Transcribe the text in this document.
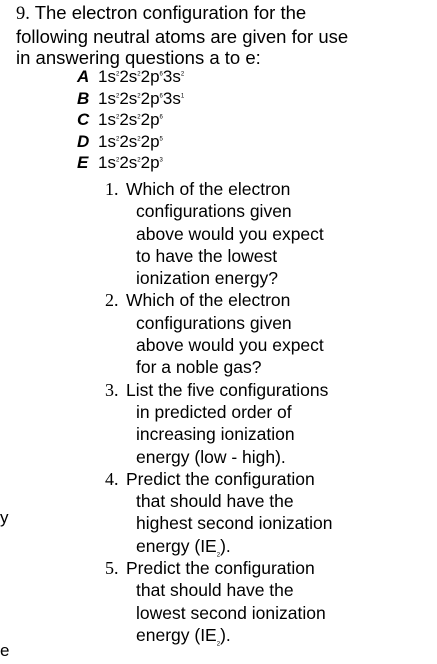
9. The electron configuration for the
following neutral atoms are given for use
in answering questions a to e:
A $1s^22s^22p^63s^2$
B $1s^22s^22p^63s^1$
C $1s^22s^22p^6$
D $1s^22s^22p^5$
E $1s^22s^22p^3$
1. Which of the electron
configurations given
above would you expect
to have the lowest
ionization energy?
2. Which of the electron
configurations given
above would you expect
for a noble gas?
3. List the five configurations
in predicted order of
increasing ionization
energy (low - high).
4. Predict the configuration
that should have the
highest second ionization
energy $(IE_2)$.
5. Predict the configuration
that should have the
lowest second ionization
energy $(IE_2)$.
y
e
